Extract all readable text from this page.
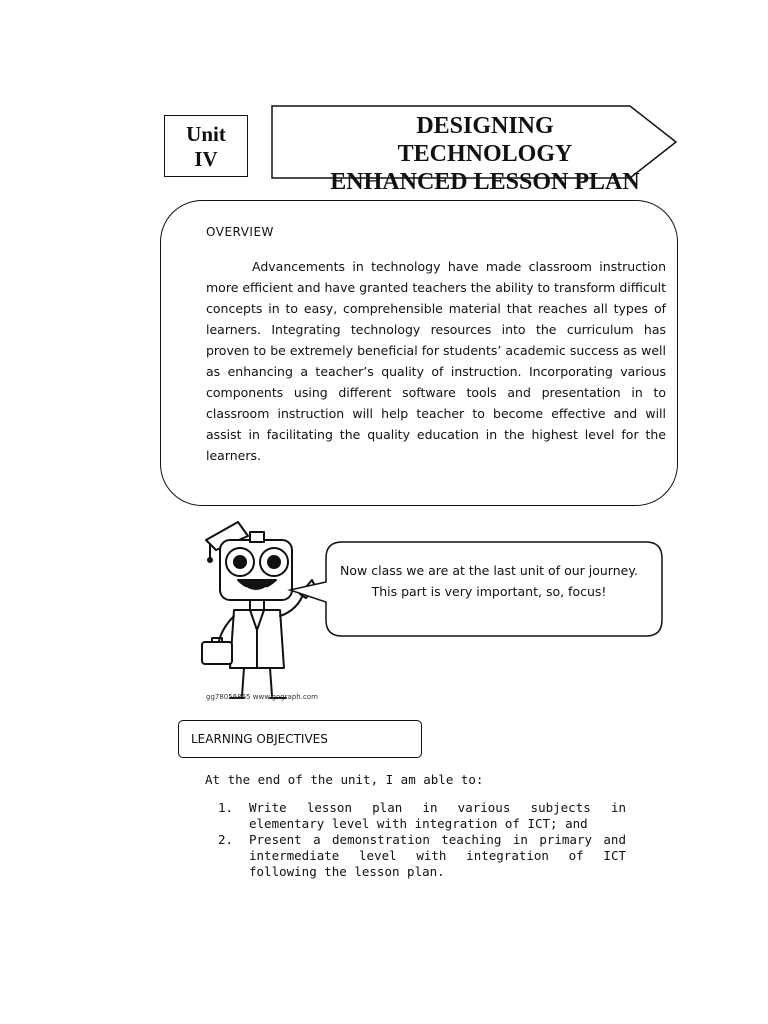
Unit
IV
DESIGNING
TECHNOLOGY
ENHANCED LESSON PLAN
OVERVIEW

Advancements in technology have made classroom instruction more efficient and have granted teachers the ability to transform difficult concepts in to easy, comprehensible material that reaches all types of learners. Integrating technology resources into the curriculum has proven to be extremely beneficial for students’ academic success as well as enhancing a teacher’s quality of instruction. Incorporating various components using different software tools and presentation in to classroom instruction will help teacher to become effective and will assist in facilitating the quality education in the highest level for the learners.

gg78056865 www.gograph.com
Now class we are at the last unit of our journey. This part is very important, so, focus!
LEARNING OBJECTIVES
At the end of the unit, I am able to:
1. Write lesson plan in various subjects in elementary level with integration of ICT; and
2. Present a demonstration teaching in primary and intermediate level with integration of ICT following the lesson plan.
